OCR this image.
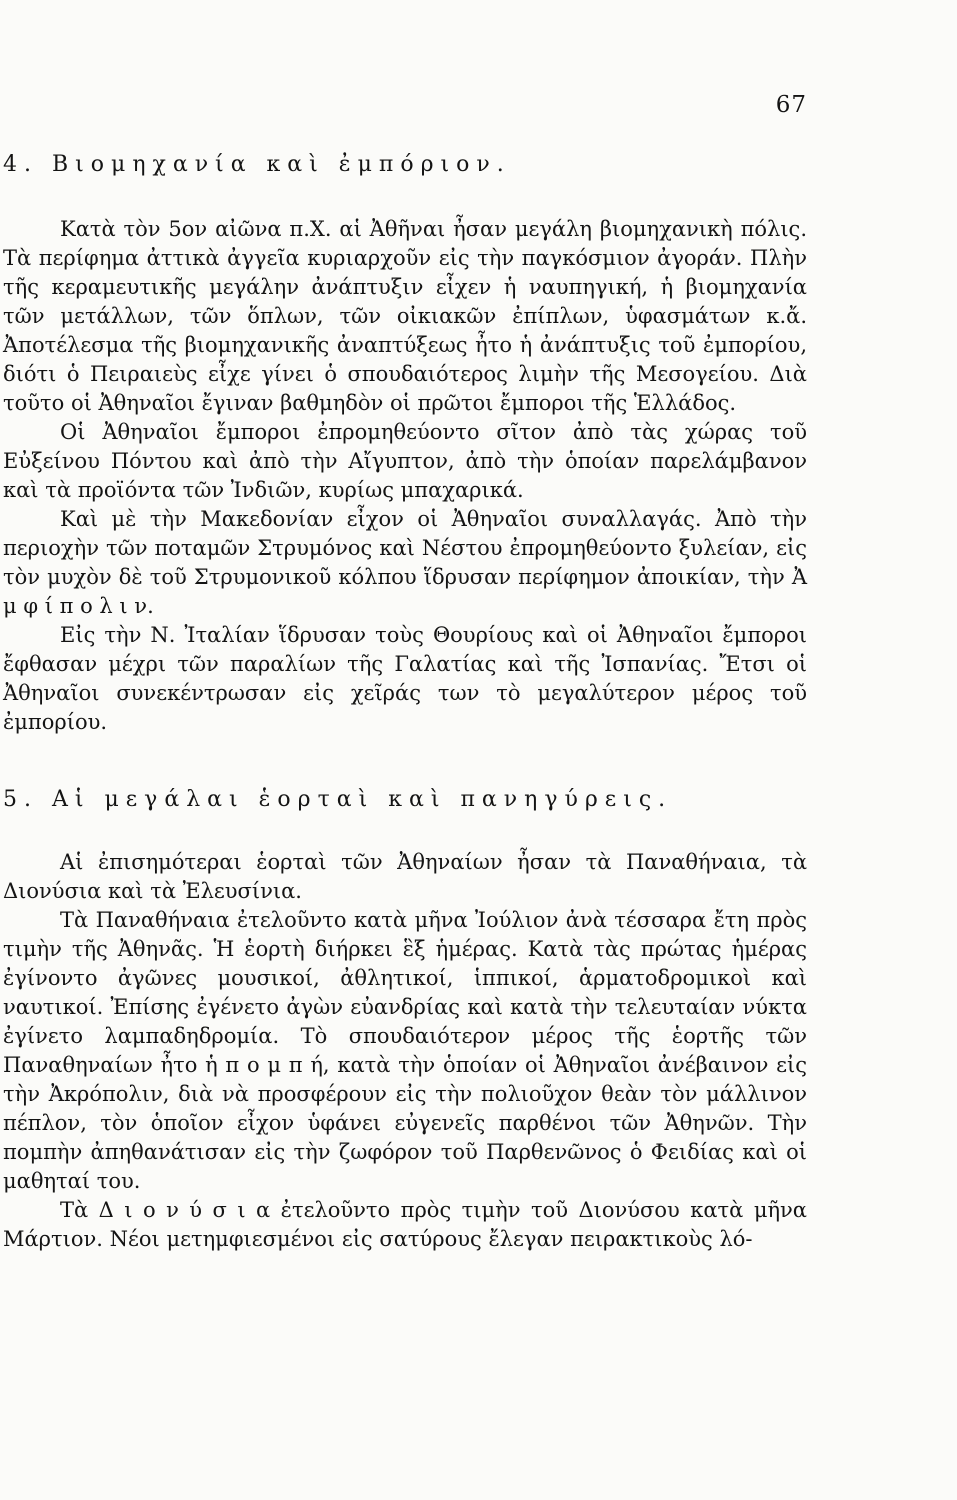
67
4. Βιομηχανία καὶ ἐμπόριον.

Κατὰ τὸν 5ον αἰῶνα π.Χ. αἱ Ἀθῆναι ἦσαν μεγάλη βιομηχανικὴ πόλις. Τὰ περίφημα ἀττικὰ ἀγγεῖα κυριαρχοῦν εἰς τὴν παγκόσμιον ἀγοράν. Πλὴν τῆς κεραμευτικῆς μεγάλην ἀνάπτυξιν εἶχεν ἡ ναυπηγική, ἡ βιομηχανία τῶν μετάλλων, τῶν ὅπλων, τῶν οἰκιακῶν ἐπίπλων, ὑφασμάτων κ.ἄ. Ἀποτέλεσμα τῆς βιομηχανικῆς ἀναπτύξεως ἦτο ἡ ἀνάπτυξις τοῦ ἐμπορίου, διότι ὁ Πειραιεὺς εἶχε γίνει ὁ σπουδαιότερος λιμὴν τῆς Μεσογείου. Διὰ τοῦτο οἱ Ἀθηναῖοι ἔγιναν βαθμηδὸν οἱ πρῶτοι ἔμποροι τῆς Ἑλλάδος.

Οἱ Ἀθηναῖοι ἔμποροι ἐπρομηθεύοντο σῖτον ἀπὸ τὰς χώρας τοῦ Εὐξείνου Πόντου καὶ ἀπὸ τὴν Αἴγυπτον, ἀπὸ τὴν ὁποίαν παρελάμβανον καὶ τὰ προϊόντα τῶν Ἰνδιῶν, κυρίως μπαχαρικά.

Καὶ μὲ τὴν Μακεδονίαν εἶχον οἱ Ἀθηναῖοι συναλλαγάς. Ἀπὸ τὴν περιοχὴν τῶν ποταμῶν Στρυμόνος καὶ Νέστου ἐπρομηθεύοντο ξυλείαν, εἰς τὸν μυχὸν δὲ τοῦ Στρυμονικοῦ κόλπου ἵδρυσαν περίφημον ἀποικίαν, τὴν Ἀ μ φ ί π ο λ ι ν.

Εἰς τὴν Ν. Ἰταλίαν ἵδρυσαν τοὺς Θουρίους καὶ οἱ Ἀθηναῖοι ἔμποροι ἔφθασαν μέχρι τῶν παραλίων τῆς Γαλατίας καὶ τῆς Ἰσπανίας. Ἔτσι οἱ Ἀθηναῖοι συνεκέντρωσαν εἰς χεῖράς των τὸ μεγαλύτερον μέρος τοῦ ἐμπορίου.

5. Αἱ μεγάλαι ἑορταὶ καὶ πανηγύρεις.

Αἱ ἐπισημότεραι ἑορταὶ τῶν Ἀθηναίων ἦσαν τὰ Παναθήναια, τὰ Διονύσια καὶ τὰ Ἐλευσίνια.

Τὰ Παναθήναια ἐτελοῦντο κατὰ μῆνα Ἰούλιον ἀνὰ τέσσαρα ἔτη πρὸς τιμὴν τῆς Ἀθηνᾶς. Ἡ ἑορτὴ διήρκει ἓξ ἡμέρας. Κατὰ τὰς πρώτας ἡμέρας ἐγίνοντο ἀγῶνες μουσικοί, ἀθλητικοί, ἱππικοί, ἁρματοδρομικοὶ καὶ ναυτικοί. Ἐπίσης ἐγένετο ἀγὼν εὐανδρίας καὶ κατὰ τὴν τελευταίαν νύκτα ἐγίνετο λαμπαδηδρομία. Τὸ σπουδαιότερον μέρος τῆς ἑορτῆς τῶν Παναθηναίων ἦτο ἡ π ο μ π ή, κατὰ τὴν ὁποίαν οἱ Ἀθηναῖοι ἀνέβαινον εἰς τὴν Ἀκρόπολιν, διὰ νὰ προσφέρουν εἰς τὴν πολιοῦχον θεὰν τὸν μάλλινον πέπλον, τὸν ὁποῖον εἶχον ὑφάνει εὐγενεῖς παρθένοι τῶν Ἀθηνῶν. Τὴν πομπὴν ἀπηθανάτισαν εἰς τὴν ζωφόρον τοῦ Παρθενῶνος ὁ Φειδίας καὶ οἱ μαθηταί του.

Τὰ Δ ι ο ν ύ σ ι α ἐτελοῦντο πρὸς τιμὴν τοῦ Διονύσου κατὰ μῆνα Μάρτιον. Νέοι μετημφιεσμένοι εἰς σατύρους ἔλεγαν πειρακτικοὺς λό-
